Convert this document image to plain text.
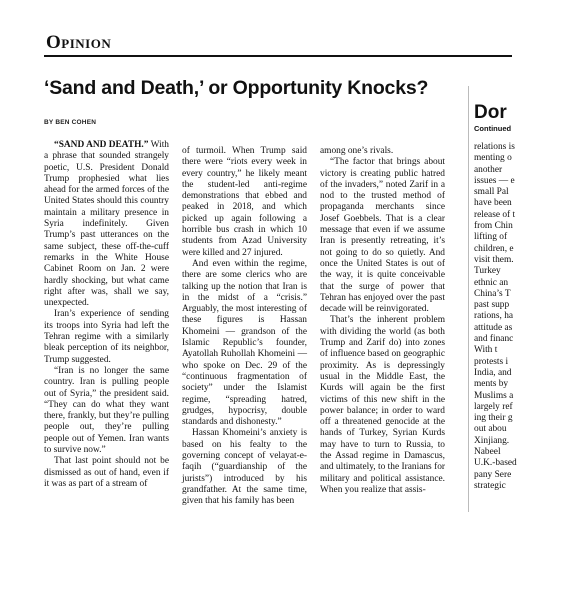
Opinion
‘Sand and Death,’ or Opportunity Knocks?
BY BEN COHEN

“SAND AND DEATH.” With a phrase that sounded strangely poetic, U.S. President Donald Trump prophesied what lies ahead for the armed forces of the United States should this country maintain a military presence in Syria indefinitely. Given Trump’s past utterances on the same subject, these off-the-cuff remarks in the White House Cabinet Room on Jan. 2 were hardly shocking, but what came right after was, shall we say, unexpected.

Iran’s experience of sending its troops into Syria had left the Tehran regime with a similarly bleak perception of its neighbor, Trump suggested.

“Iran is no longer the same country. Iran is pulling people out of Syria,” the president said. “They can do what they want there, frankly, but they’re pulling people out, they’re pulling people out of Yemen. Iran wants to survive now.”

That last point should not be dismissed as out of hand, even if it was as part of a stream of

of turmoil. When Trump said there were “riots every week in every country,” he likely meant the student-led anti-regime demonstrations that ebbed and peaked in 2018, and which picked up again following a horrible bus crash in which 10 students from Azad University were killed and 27 injured.

And even within the regime, there are some clerics who are talking up the notion that Iran is in the midst of a “crisis.” Arguably, the most interesting of these figures is Hassan Khomeini — grandson of the Islamic Republic’s founder, Ayatollah Ruhollah Khomeini — who spoke on Dec. 29 of the “continuous fragmentation of society” under the Islamist regime, “spreading hatred, grudges, hypocrisy, double standards and dishonesty.”

Hassan Khomeini’s anxiety is based on his fealty to the governing concept of velayat-e-faqih (“guardianship of the jurists”) introduced by his grandfather. At the same time, given that his family has been

among one’s rivals.

“The factor that brings about victory is creating public hatred of the invaders,” noted Zarif in a nod to the trusted method of propaganda merchants since Josef Goebbels. That is a clear message that even if we assume Iran is presently retreating, it’s not going to do so quietly. And once the United States is out of the way, it is quite conceivable that the surge of power that Tehran has enjoyed over the past decade will be reinvigorated.

That’s the inherent problem with dividing the world (as both Trump and Zarif do) into zones of influence based on geographic proximity. As is depressingly usual in the Middle East, the Kurds will again be the first victims of this new shift in the power balance; in order to ward off a threatened genocide at the hands of Turkey, Syrian Kurds may have to turn to Russia, to the Assad regime in Damascus, and ultimately, to the Iranians for military and political assistance. When you realize that assis-

Dor
Continued
relations is
menting o
another
issues — e
small Pal
have been
release of t
from Chin
lifting of
children, e
visit them.
Turkey
ethnic an
China’s T
past supp
rations, ha
attitude as
and financ
With t
protests i
India, and
ments by
Muslims a
largely ref
ing their g
out abou
Xinjiang.
Nabeel
U.K.-based
pany Sere
strategic
